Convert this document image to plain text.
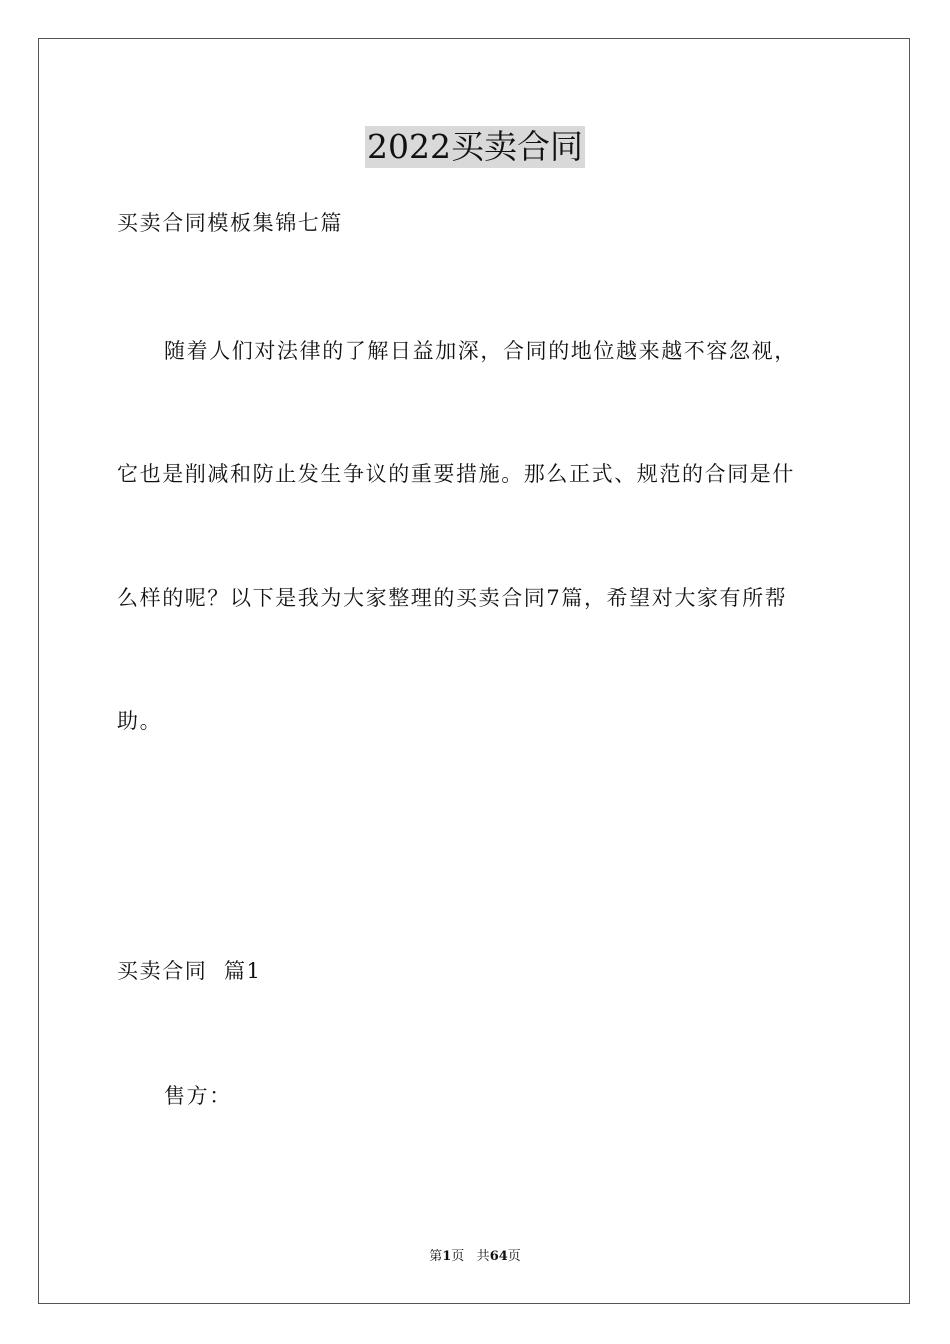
2022买卖合同
买卖合同模板集锦七篇
随着人们对法律的了解日益加深，合同的地位越来越不容忽视，
它也是削减和防止发生争议的重要措施。那么正式、规范的合同是什
么样的呢？以下是我为大家整理的买卖合同7篇，希望对大家有所帮
助。
买卖合同  篇1
售方：
第1页 共64页
